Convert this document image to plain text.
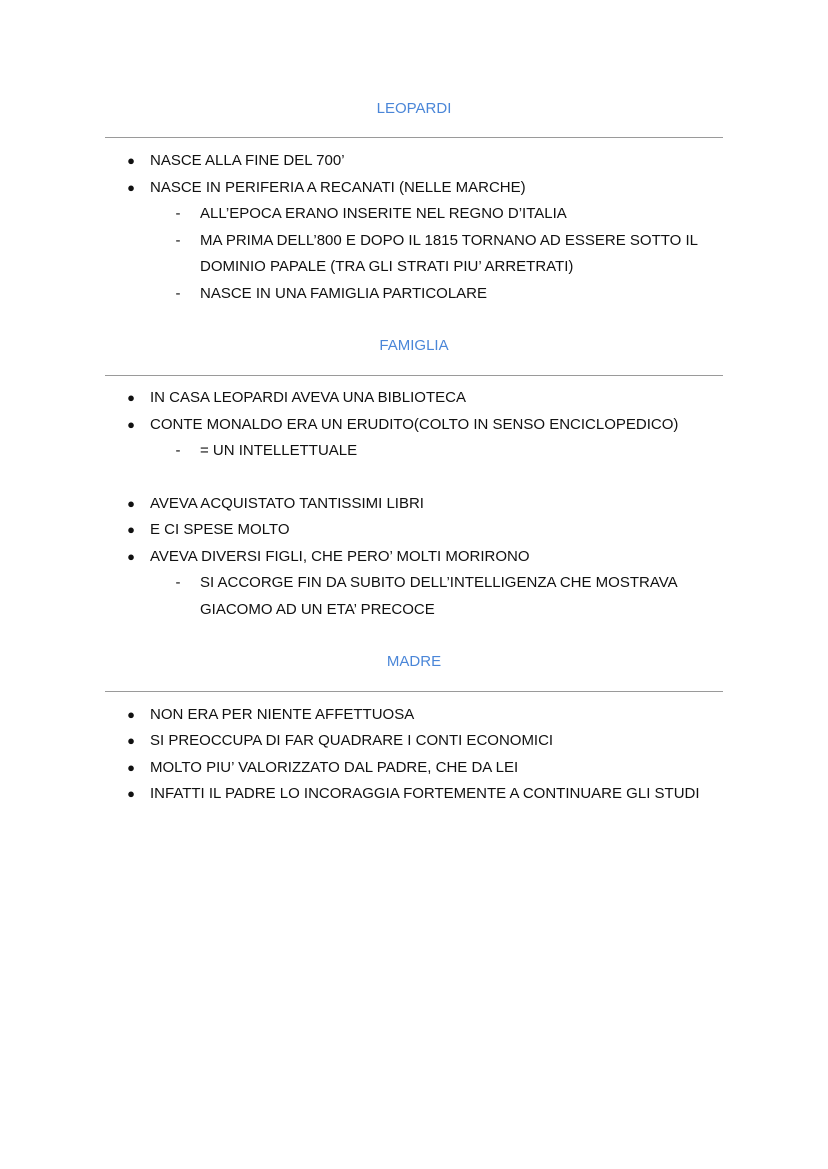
LEOPARDI
● NASCE ALLA FINE DEL 700’
● NASCE IN PERIFERIA A RECANATI (NELLE MARCHE)
- ALL’EPOCA ERANO INSERITE NEL REGNO D’ITALIA
- MA PRIMA DELL’800 E DOPO IL 1815 TORNANO AD ESSERE SOTTO IL
DOMINIO PAPALE (TRA GLI STRATI PIU’ ARRETRATI)
- NASCE IN UNA FAMIGLIA PARTICOLARE
FAMIGLIA
● IN CASA LEOPARDI AVEVA UNA BIBLIOTECA
● CONTE MONALDO ERA UN ERUDITO(COLTO IN SENSO ENCICLOPEDICO)
- = UN INTELLETTUALE
● AVEVA ACQUISTATO TANTISSIMI LIBRI
● E CI SPESE MOLTO
● AVEVA DIVERSI FIGLI, CHE PERO’ MOLTI MORIRONO
- SI ACCORGE FIN DA SUBITO DELL’INTELLIGENZA CHE MOSTRAVA
GIACOMO AD UN ETA’ PRECOCE
MADRE
● NON ERA PER NIENTE AFFETTUOSA
● SI PREOCCUPA DI FAR QUADRARE I CONTI ECONOMICI
● MOLTO PIU’ VALORIZZATO DAL PADRE, CHE DA LEI
● INFATTI IL PADRE LO INCORAGGIA FORTEMENTE A CONTINUARE GLI STUDI
